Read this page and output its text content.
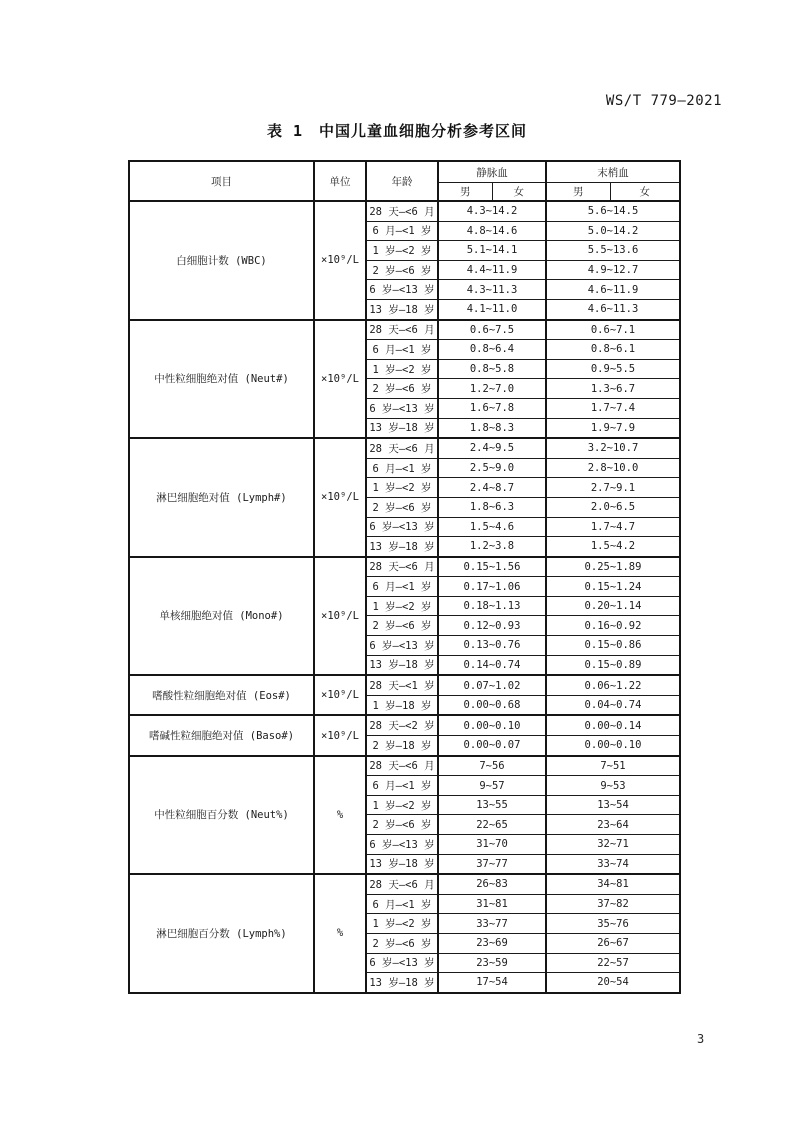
WS/T 779—2021
表 1　中国儿童血细胞分析参考区间
项目	单位	年龄	静脉血		末梢血	
			男	女	男	女
白细胞计数 (WBC)	×10⁹/L	28 天—<6 月	4.3~14.2		5.6~14.5	
		6 月—<1 岁	4.8~14.6		5.0~14.2	
		1 岁—<2 岁	5.1~14.1		5.5~13.6	
		2 岁—<6 岁	4.4~11.9		4.9~12.7	
		6 岁—<13 岁	4.3~11.3		4.6~11.9	
		13 岁—18 岁	4.1~11.0		4.6~11.3	
中性粒细胞绝对值 (Neut#)	×10⁹/L	28 天—<6 月	0.6~7.5		0.6~7.1	
		6 月—<1 岁	0.8~6.4		0.8~6.1	
		1 岁—<2 岁	0.8~5.8		0.9~5.5	
		2 岁—<6 岁	1.2~7.0		1.3~6.7	
		6 岁—<13 岁	1.6~7.8		1.7~7.4	
		13 岁—18 岁	1.8~8.3		1.9~7.9	
淋巴细胞绝对值 (Lymph#)	×10⁹/L	28 天—<6 月	2.4~9.5		3.2~10.7	
		6 月—<1 岁	2.5~9.0		2.8~10.0	
		1 岁—<2 岁	2.4~8.7		2.7~9.1	
		2 岁—<6 岁	1.8~6.3		2.0~6.5	
		6 岁—<13 岁	1.5~4.6		1.7~4.7	
		13 岁—18 岁	1.2~3.8		1.5~4.2	
单核细胞绝对值 (Mono#)	×10⁹/L	28 天—<6 月	0.15~1.56		0.25~1.89	
		6 月—<1 岁	0.17~1.06		0.15~1.24	
		1 岁—<2 岁	0.18~1.13		0.20~1.14	
		2 岁—<6 岁	0.12~0.93		0.16~0.92	
		6 岁—<13 岁	0.13~0.76		0.15~0.86	
		13 岁—18 岁	0.14~0.74		0.15~0.89	
嗜酸性粒细胞绝对值 (Eos#)	×10⁹/L	28 天—<1 岁	0.07~1.02		0.06~1.22	
		1 岁—18 岁	0.00~0.68		0.04~0.74	
嗜碱性粒细胞绝对值 (Baso#)	×10⁹/L	28 天—<2 岁	0.00~0.10		0.00~0.14	
		2 岁—18 岁	0.00~0.07		0.00~0.10	
中性粒细胞百分数 (Neut%)	%	28 天—<6 月	7~56		7~51	
		6 月—<1 岁	9~57		9~53	
		1 岁—<2 岁	13~55		13~54	
		2 岁—<6 岁	22~65		23~64	
		6 岁—<13 岁	31~70		32~71	
		13 岁—18 岁	37~77		33~74	
淋巴细胞百分数 (Lymph%)	%	28 天—<6 月	26~83		34~81	
		6 月—<1 岁	31~81		37~82	
		1 岁—<2 岁	33~77		35~76	
		2 岁—<6 岁	23~69		26~67	
		6 岁—<13 岁	23~59		22~57	
		13 岁—18 岁	17~54		20~54	
3
